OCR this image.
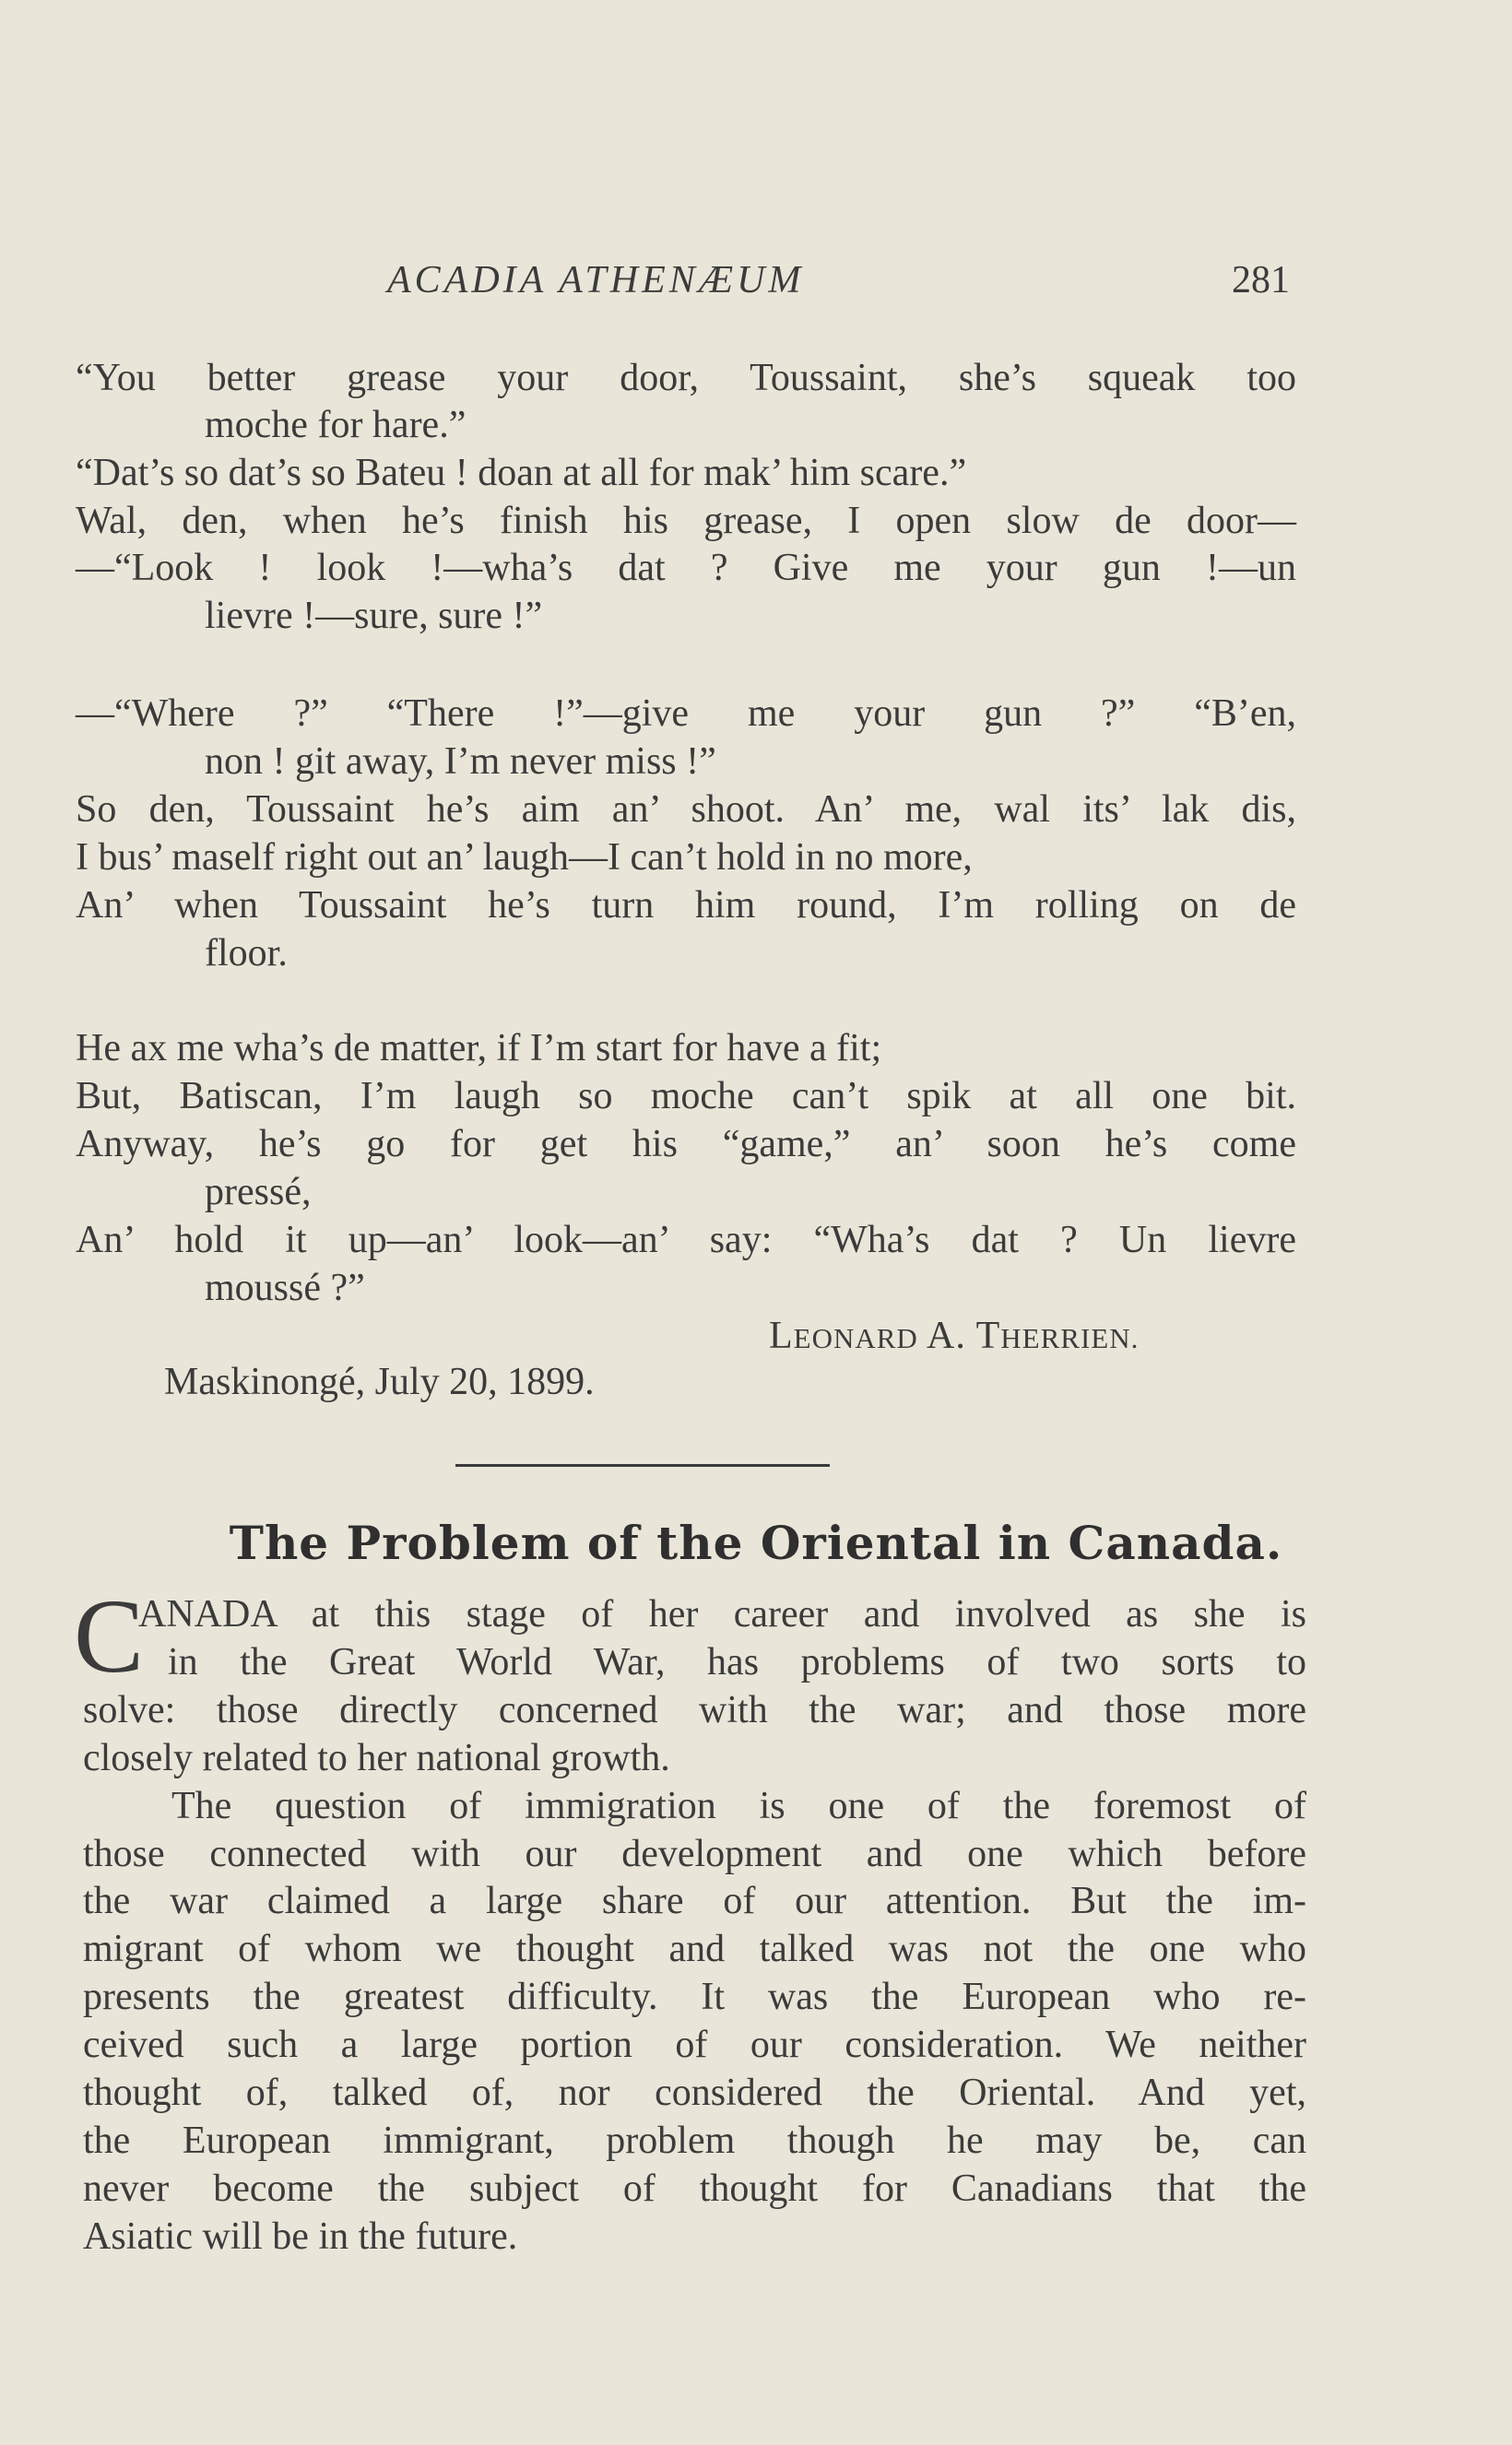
ACADIA ATHENÆUM	281
“You better grease your door, Toussaint, she’s squeak too
moche for hare.”
“Dat’s so dat’s so Bateu ! doan at all for mak’ him scare.”
Wal, den, when he’s finish his grease, I open slow de door—
—“Look ! look !—wha’s dat ? Give me your gun !—un
lievre !—sure, sure !”
—“Where ?” “There !”—give me your gun ?” “B’en,
non ! git away, I’m never miss !”
So den, Toussaint he’s aim an’ shoot. An’ me, wal its’ lak dis,
I bus’ maself right out an’ laugh—I can’t hold in no more,
An’ when Toussaint he’s turn him round, I’m rolling on de
floor.
He ax me wha’s de matter, if I’m start for have a fit;
But, Batiscan, I’m laugh so moche can’t spik at all one bit.
Anyway, he’s go for get his “game,” an’ soon he’s come
pressé,
An’ hold it up—an’ look—an’ say: “Wha’s dat ? Un lievre
moussé ?”
LEONARD A. THERRIEN.
Maskinongé, July 20, 1899.
The Problem of the Oriental in Canada.
C
ANADA at this stage of her career and involved as she is
in the Great World War, has problems of two sorts to
solve: those directly concerned with the war; and those more
closely related to her national growth.
The question of immigration is one of the foremost of
those connected with our development and one which before
the war claimed a large share of our attention. But the im-
migrant of whom we thought and talked was not the one who
presents the greatest difficulty. It was the European who re-
ceived such a large portion of our consideration. We neither
thought of, talked of, nor considered the Oriental. And yet,
the European immigrant, problem though he may be, can
never become the subject of thought for Canadians that the
Asiatic will be in the future.
